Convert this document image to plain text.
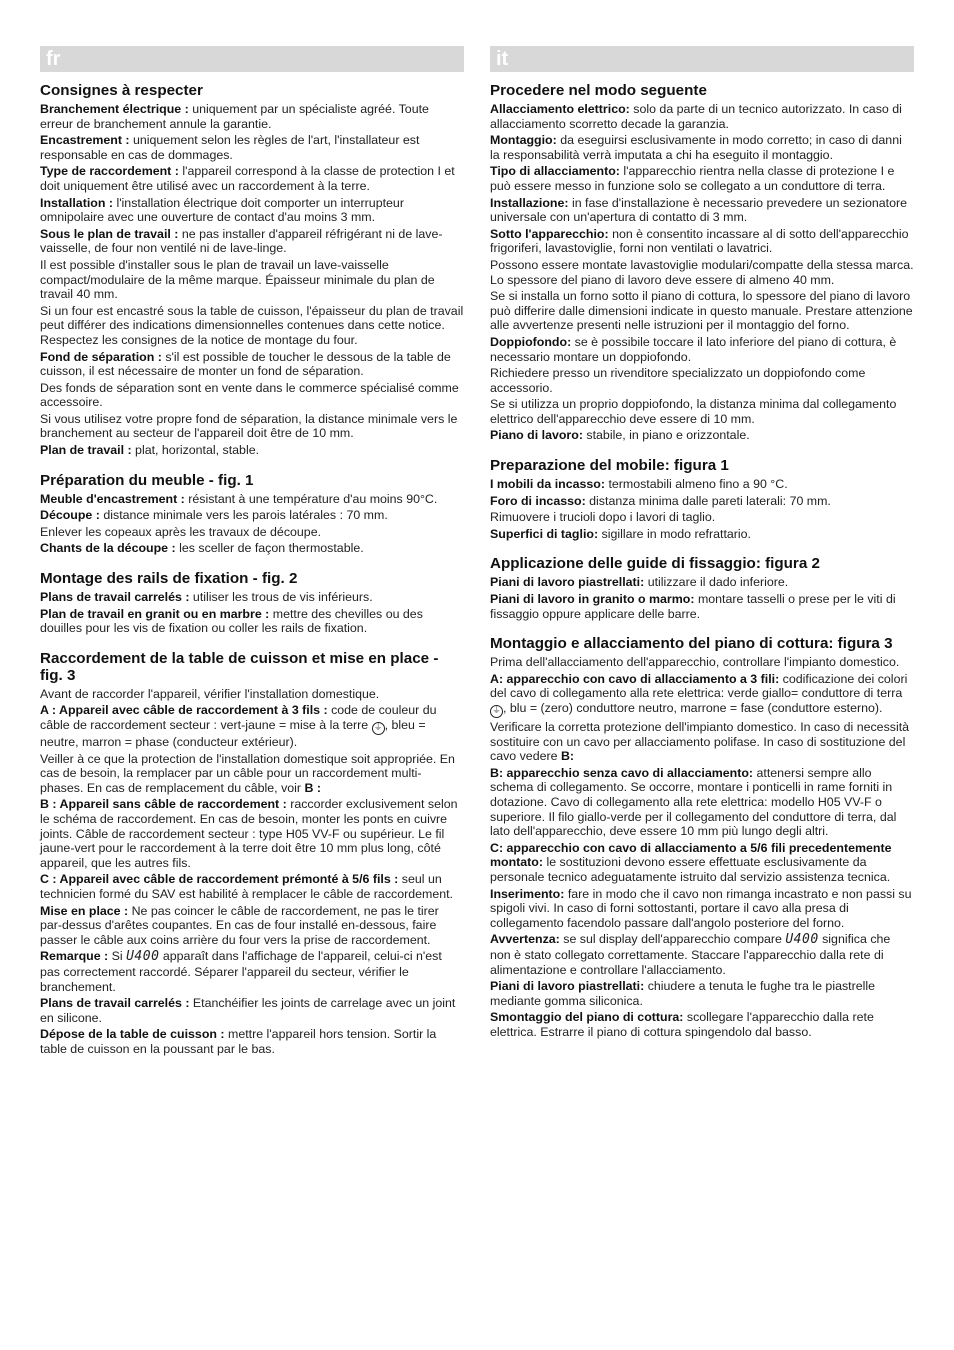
fr
Consignes à respecter

Branchement électrique : uniquement par un spécialiste agréé. Toute erreur de branchement annule la garantie.

Encastrement : uniquement selon les règles de l'art, l'installateur est responsable en cas de dommages.

Type de raccordement : l'appareil correspond à la classe de protection I et doit uniquement être utilisé avec un raccordement à la terre.

Installation : l'installation électrique doit comporter un interrupteur omnipolaire avec une ouverture de contact d'au moins 3 mm.

Sous le plan de travail : ne pas installer d'appareil réfrigérant ni de lave-vaisselle, de four non ventilé ni de lave-linge.

Il est possible d'installer sous le plan de travail un lave-vaisselle compact/modulaire de la même marque. Épaisseur minimale du plan de travail 40 mm.

Si un four est encastré sous la table de cuisson, l'épaisseur du plan de travail peut différer des indications dimensionnelles contenues dans cette notice. Respectez les consignes de la notice de montage du four.

Fond de séparation : s'il est possible de toucher le dessous de la table de cuisson, il est nécessaire de monter un fond de séparation.

Des fonds de séparation sont en vente dans le commerce spécialisé comme accessoire.

Si vous utilisez votre propre fond de séparation, la distance minimale vers le branchement au secteur de l'appareil doit être de 10 mm.

Plan de travail : plat, horizontal, stable.

Préparation du meuble - fig. 1

Meuble d'encastrement : résistant à une température d'au moins 90°C.

Découpe : distance minimale vers les parois latérales : 70 mm.

Enlever les copeaux après les travaux de découpe.

Chants de la découpe : les sceller de façon thermostable.

Montage des rails de fixation - fig. 2

Plans de travail carrelés : utiliser les trous de vis inférieurs.

Plan de travail en granit ou en marbre : mettre des chevilles ou des douilles pour les vis de fixation ou coller les rails de fixation.

Raccordement de la table de cuisson et mise en place - fig. 3

Avant de raccorder l'appareil, vérifier l'installation domestique.

A : Appareil avec câble de raccordement à 3 fils : code de couleur du câble de raccordement secteur : vert-jaune = mise à la terre ⏚ , bleu = neutre, marron = phase (conducteur extérieur).

Veiller à ce que la protection de l'installation domestique soit appropriée. En cas de besoin, la remplacer par un câble pour un raccordement multi-phases. En cas de remplacement du câble, voir B :

B : Appareil sans câble de raccordement : raccorder exclusivement selon le schéma de raccordement. En cas de besoin, monter les ponts en cuivre joints. Câble de raccordement secteur : type H05 VV-F ou supérieur. Le fil jaune-vert pour le raccordement à la terre doit être 10 mm plus long, côté appareil, que les autres fils.

C : Appareil avec câble de raccordement prémonté à 5/6 fils : seul un technicien formé du SAV est habilité à remplacer le câble de raccordement.

Mise en place : Ne pas coincer le câble de raccordement, ne pas le tirer par-dessus d'arêtes coupantes. En cas de four installé en-dessous, faire passer le câble aux coins arrière du four vers la prise de raccordement.

Remarque : Si U400 apparaît dans l'affichage de l'appareil, celui-ci n'est pas correctement raccordé. Séparer l'appareil du secteur, vérifier le branchement.

Plans de travail carrelés : Etanchéifier les joints de carrelage avec un joint en silicone.

Dépose de la table de cuisson : mettre l'appareil hors tension. Sortir la table de cuisson en la poussant par le bas.

it
Procedere nel modo seguente

Allacciamento elettrico: solo da parte di un tecnico autorizzato. In caso di allacciamento scorretto decade la garanzia.

Montaggio: da eseguirsi esclusivamente in modo corretto; in caso di danni la responsabilità verrà imputata a chi ha eseguito il montaggio.

Tipo di allacciamento: l'apparecchio rientra nella classe di protezione I e può essere messo in funzione solo se collegato a un conduttore di terra.

Installazione: in fase d'installazione è necessario prevedere un sezionatore universale con un'apertura di contatto di 3 mm.

Sotto l'apparecchio: non è consentito incassare al di sotto dell'apparecchio frigoriferi, lavastoviglie, forni non ventilati o lavatrici.

Possono essere montate lavastoviglie modulari/compatte della stessa marca. Lo spessore del piano di lavoro deve essere di almeno 40 mm.

Se si installa un forno sotto il piano di cottura, lo spessore del piano di lavoro può differire dalle dimensioni indicate in questo manuale. Prestare attenzione alle avvertenze presenti nelle istruzioni per il montaggio del forno.

Doppiofondo: se è possibile toccare il lato inferiore del piano di cottura, è necessario montare un doppiofondo.

Richiedere presso un rivenditore specializzato un doppiofondo come accessorio.

Se si utilizza un proprio doppiofondo, la distanza minima dal collegamento elettrico dell'apparecchio deve essere di 10 mm.

Piano di lavoro: stabile, in piano e orizzontale.

Preparazione del mobile: figura 1

I mobili da incasso: termostabili almeno fino a 90 °C.

Foro di incasso: distanza minima dalle pareti laterali: 70 mm.

Rimuovere i trucioli dopo i lavori di taglio.

Superfici di taglio: sigillare in modo refrattario.

Applicazione delle guide di fissaggio: figura 2

Piani di lavoro piastrellati: utilizzare il dado inferiore.

Piani di lavoro in granito o marmo: montare tasselli o prese per le viti di fissaggio oppure applicare delle barre.

Montaggio e allacciamento del piano di cottura: figura 3

Prima dell'allacciamento dell'apparecchio, controllare l'impianto domestico.

A: apparecchio con cavo di allacciamento a 3 fili: codificazione dei colori del cavo di collegamento alla rete elettrica: verde giallo= conduttore di terra ⏚ , blu = (zero) conduttore neutro, marrone = fase (conduttore esterno).

Verificare la corretta protezione dell'impianto domestico. In caso di necessità sostituire con un cavo per allacciamento polifase. In caso di sostituzione del cavo vedere B:

B: apparecchio senza cavo di allacciamento: attenersi sempre allo schema di collegamento. Se occorre, montare i ponticelli in rame forniti in dotazione. Cavo di collegamento alla rete elettrica: modello H05 VV-F o superiore. Il filo giallo-verde per il collegamento del conduttore di terra, dal lato dell'apparecchio, deve essere 10 mm più lungo degli altri.

C: apparecchio con cavo di allacciamento a 5/6 fili precedentemente montato: le sostituzioni devono essere effettuate esclusivamente da personale tecnico adeguatamente istruito dal servizio assistenza tecnica.

Inserimento: fare in modo che il cavo non rimanga incastrato e non passi su spigoli vivi. In caso di forni sottostanti, portare il cavo alla presa di collegamento facendolo passare dall'angolo posteriore del forno.

Avvertenza: se sul display dell'apparecchio compare U400 significa che non è stato collegato correttamente. Staccare l'apparecchio dalla rete di alimentazione e controllare l'allacciamento.

Piani di lavoro piastrellati: chiudere a tenuta le fughe tra le piastrelle mediante gomma siliconica.

Smontaggio del piano di cottura: scollegare l'apparecchio dalla rete elettrica. Estrarre il piano di cottura spingendolo dal basso.
